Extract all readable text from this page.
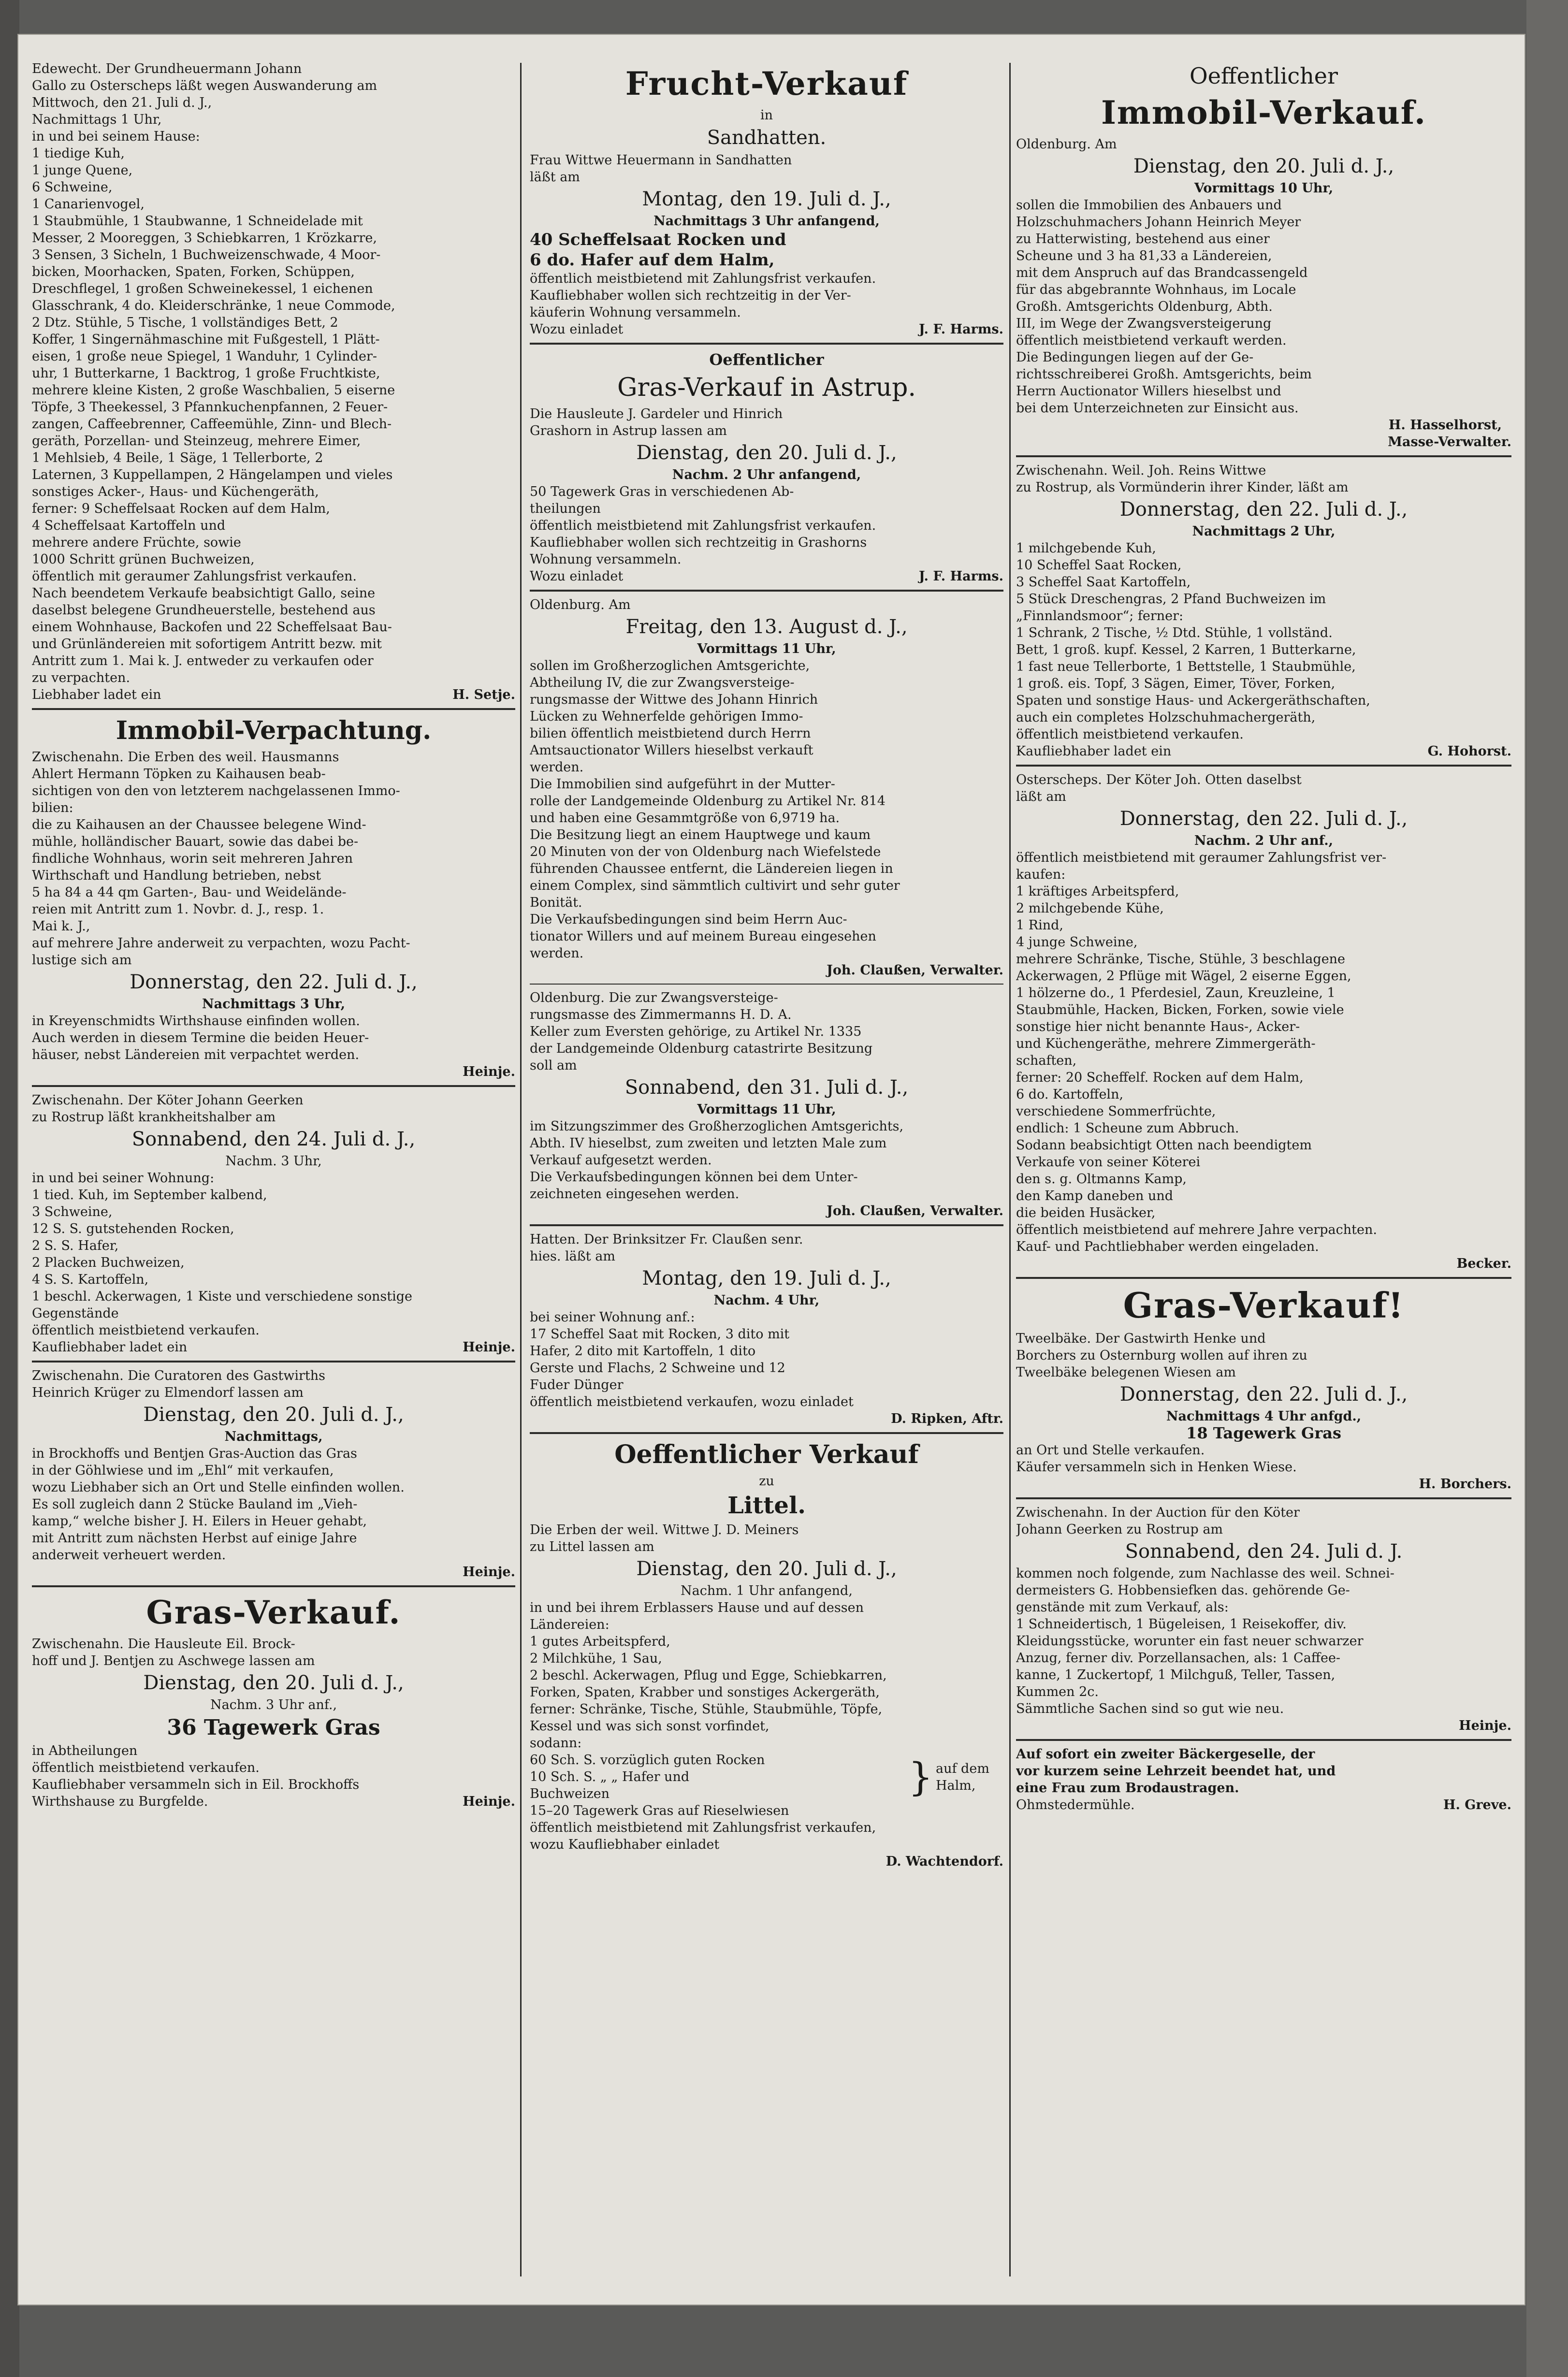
Edewecht. Der Grundheuermann Johann
Gallo zu Osterscheps läßt wegen Auswanderung am
Mittwoch, den 21. Juli d. J.,
Nachmittags 1 Uhr,
in und bei seinem Hause:
1 tiedige Kuh,
1 junge Quene,
6 Schweine,
1 Canarienvogel,
1 Staubmühle, 1 Staubwanne, 1 Schneidelade mit
Messer, 2 Mooreggen, 3 Schiebkarren, 1 Krözkarre,
3 Sensen, 3 Sicheln, 1 Buchweizenschwade, 4 Moor-
bicken, Moorhacken, Spaten, Forken, Schüppen,
Dreschflegel, 1 großen Schweinekessel, 1 eichenen
Glasschrank, 4 do. Kleiderschränke, 1 neue Commode,
2 Dtz. Stühle, 5 Tische, 1 vollständiges Bett, 2
Koffer, 1 Singernähmaschine mit Fußgestell, 1 Plätt-
eisen, 1 große neue Spiegel, 1 Wanduhr, 1 Cylinder-
uhr, 1 Butterkarne, 1 Backtrog, 1 große Fruchtkiste,
mehrere kleine Kisten, 2 große Waschbalien, 5 eiserne
Töpfe, 3 Theekessel, 3 Pfannkuchenpfannen, 2 Feuer-
zangen, Caffeebrenner, Caffeemühle, Zinn- und Blech-
geräth, Porzellan- und Steinzeug, mehrere Eimer,
1 Mehlsieb, 4 Beile, 1 Säge, 1 Tellerborte, 2
Laternen, 3 Kuppellampen, 2 Hängelampen und vieles
sonstiges Acker-, Haus- und Küchengeräth,
ferner: 9 Scheffelsaat Rocken auf dem Halm,
4 Scheffelsaat Kartoffeln und
mehrere andere Früchte, sowie
1000 Schritt grünen Buchweizen,
öffentlich mit geraumer Zahlungsfrist verkaufen.
Nach beendetem Verkaufe beabsichtigt Gallo, seine
daselbst belegene Grundheuerstelle, bestehend aus
einem Wohnhause, Backofen und 22 Scheffelsaat Bau-
und Grünländereien mit sofortigem Antritt bezw. mit
Antritt zum 1. Mai k. J. entweder zu verkaufen oder
zu verpachten.
Liebhaber ladet ein	H. Setje.
Immobil-Verpachtung.
Zwischenahn. Die Erben des weil. Hausmanns
Ahlert Hermann Töpken zu Kaihausen beab-
sichtigen von den von letzterem nachgelassenen Immo-
bilien:
die zu Kaihausen an der Chaussee belegene Wind-
mühle, holländischer Bauart, sowie das dabei be-
findliche Wohnhaus, worin seit mehreren Jahren
Wirthschaft und Handlung betrieben, nebst
5 ha 84 a 44 qm Garten-, Bau- und Weidelände-
reien mit Antritt zum 1. Novbr. d. J., resp. 1.
Mai k. J.,
auf mehrere Jahre anderweit zu verpachten, wozu Pacht-
lustige sich am
Donnerstag, den 22. Juli d. J.,
Nachmittags 3 Uhr,
in Kreyenschmidts Wirthshause einfinden wollen.
Auch werden in diesem Termine die beiden Heuer-
häuser, nebst Ländereien mit verpachtet werden.
Heinje.
Zwischenahn. Der Köter Johann Geerken
zu Rostrup läßt krankheitshalber am
Sonnabend, den 24. Juli d. J.,
Nachm. 3 Uhr,
in und bei seiner Wohnung:
1 tied. Kuh, im September kalbend,
3 Schweine,
12 S. S. gutstehenden Rocken,
2 S. S. Hafer,
2 Placken Buchweizen,
4 S. S. Kartoffeln,
1 beschl. Ackerwagen, 1 Kiste und verschiedene sonstige
Gegenstände
öffentlich meistbietend verkaufen.
Kaufliebhaber ladet ein	Heinje.
Zwischenahn. Die Curatoren des Gastwirths
Heinrich Krüger zu Elmendorf lassen am
Dienstag, den 20. Juli d. J.,
Nachmittags,
in Brockhoffs und Bentjen Gras-Auction das Gras
in der Göhlwiese und im „Ehl“ mit verkaufen,
wozu Liebhaber sich an Ort und Stelle einfinden wollen.
Es soll zugleich dann 2 Stücke Bauland im „Vieh-
kamp,“ welche bisher J. H. Eilers in Heuer gehabt,
mit Antritt zum nächsten Herbst auf einige Jahre
anderweit verheuert werden.
Heinje.
Gras-Verkauf.
Zwischenahn. Die Hausleute Eil. Brock-
hoff und J. Bentjen zu Aschwege lassen am
Dienstag, den 20. Juli d. J.,
Nachm. 3 Uhr anf.,
36 Tagewerk Gras
in Abtheilungen
öffentlich meistbietend verkaufen.
Kaufliebhaber versammeln sich in Eil. Brockhoffs
Wirthshause zu Burgfelde.	Heinje.
Frucht-Verkauf
in
Sandhatten.
Frau Wittwe Heuermann in Sandhatten
läßt am
Montag, den 19. Juli d. J.,
Nachmittags 3 Uhr anfangend,
40 Scheffelsaat Rocken und
6 do. Hafer auf dem Halm,
öffentlich meistbietend mit Zahlungsfrist verkaufen.
Kaufliebhaber wollen sich rechtzeitig in der Ver-
käuferin Wohnung versammeln.
Wozu einladet	J. F. Harms.
Oeffentlicher
Gras-Verkauf in Astrup.
Die Hausleute J. Gardeler und Hinrich
Grashorn in Astrup lassen am
Dienstag, den 20. Juli d. J.,
Nachm. 2 Uhr anfangend,
50 Tagewerk Gras in verschiedenen Ab-
theilungen
öffentlich meistbietend mit Zahlungsfrist verkaufen.
Kaufliebhaber wollen sich rechtzeitig in Grashorns
Wohnung versammeln.
Wozu einladet	J. F. Harms.
Oldenburg. Am
Freitag, den 13. August d. J.,
Vormittags 11 Uhr,
sollen im Großherzoglichen Amtsgerichte,
Abtheilung IV, die zur Zwangsversteige-
rungsmasse der Wittwe des Johann Hinrich
Lücken zu Wehnerfelde gehörigen Immo-
bilien öffentlich meistbietend durch Herrn
Amtsauctionator Willers hieselbst verkauft
werden.
Die Immobilien sind aufgeführt in der Mutter-
rolle der Landgemeinde Oldenburg zu Artikel Nr. 814
und haben eine Gesammtgröße von 6,9719 ha.
Die Besitzung liegt an einem Hauptwege und kaum
20 Minuten von der von Oldenburg nach Wiefelstede
führenden Chaussee entfernt, die Ländereien liegen in
einem Complex, sind sämmtlich cultivirt und sehr guter
Bonität.
Die Verkaufsbedingungen sind beim Herrn Auc-
tionator Willers und auf meinem Bureau eingesehen
werden.
Joh. Claußen, Verwalter.
Oldenburg. Die zur Zwangsversteige-
rungsmasse des Zimmermanns H. D. A.
Keller zum Eversten gehörige, zu Artikel Nr. 1335
der Landgemeinde Oldenburg catastrirte Besitzung
soll am
Sonnabend, den 31. Juli d. J.,
Vormittags 11 Uhr,
im Sitzungszimmer des Großherzoglichen Amtsgerichts,
Abth. IV hieselbst, zum zweiten und letzten Male zum
Verkauf aufgesetzt werden.
Die Verkaufsbedingungen können bei dem Unter-
zeichneten eingesehen werden.
Joh. Claußen, Verwalter.
Hatten. Der Brinksitzer Fr. Claußen senr.
hies. läßt am
Montag, den 19. Juli d. J.,
Nachm. 4 Uhr,
bei seiner Wohnung anf.:
17 Scheffel Saat mit Rocken, 3 dito mit
Hafer, 2 dito mit Kartoffeln, 1 dito
Gerste und Flachs, 2 Schweine und 12
Fuder Dünger
öffentlich meistbietend verkaufen, wozu einladet
D. Ripken, Aftr.
Oeffentlicher Verkauf
zu
Littel.
Die Erben der weil. Wittwe J. D. Meiners
zu Littel lassen am
Dienstag, den 20. Juli d. J.,
Nachm. 1 Uhr anfangend,
in und bei ihrem Erblassers Hause und auf dessen
Ländereien:
1 gutes Arbeitspferd,
2 Milchkühe, 1 Sau,
2 beschl. Ackerwagen, Pflug und Egge, Schiebkarren,
Forken, Spaten, Krabber und sonstiges Ackergeräth,
ferner: Schränke, Tische, Stühle, Staubmühle, Töpfe,
Kessel und was sich sonst vorfindet,
sodann:
60 Sch. S. vorzüglich guten Rocken
10 Sch. S. „ „ Hafer und
Buchweizen	} auf dem Halm,
15–20 Tagewerk Gras auf Rieselwiesen
öffentlich meistbietend mit Zahlungsfrist verkaufen,
wozu Kaufliebhaber einladet
D. Wachtendorf.
Oeffentlicher
Immobil-Verkauf.
Oldenburg. Am
Dienstag, den 20. Juli d. J.,
Vormittags 10 Uhr,
sollen die Immobilien des Anbauers und
Holzschuhmachers Johann Heinrich Meyer
zu Hatterwisting, bestehend aus einer
Scheune und 3 ha 81,33 a Ländereien,
mit dem Anspruch auf das Brandcassengeld
für das abgebrannte Wohnhaus, im Locale
Großh. Amtsgerichts Oldenburg, Abth.
III, im Wege der Zwangsversteigerung
öffentlich meistbietend verkauft werden.
Die Bedingungen liegen auf der Ge-
richtsschreiberei Großh. Amtsgerichts, beim
Herrn Auctionator Willers hieselbst und
bei dem Unterzeichneten zur Einsicht aus.
H. Hasselhorst,
Masse-Verwalter.
Zwischenahn. Weil. Joh. Reins Wittwe
zu Rostrup, als Vormünderin ihrer Kinder, läßt am
Donnerstag, den 22. Juli d. J.,
Nachmittags 2 Uhr,
1 milchgebende Kuh,
10 Scheffel Saat Rocken,
3 Scheffel Saat Kartoffeln,
5 Stück Dreschengras, 2 Pfand Buchweizen im
„Finnlandsmoor“; ferner:
1 Schrank, 2 Tische, ½ Dtd. Stühle, 1 vollständ.
Bett, 1 groß. kupf. Kessel, 2 Karren, 1 Butterkarne,
1 fast neue Tellerborte, 1 Bettstelle, 1 Staubmühle,
1 groß. eis. Topf, 3 Sägen, Eimer, Töver, Forken,
Spaten und sonstige Haus- und Ackergeräthschaften,
auch ein completes Holzschuhmachergeräth,
öffentlich meistbietend verkaufen.
Kaufliebhaber ladet ein	G. Hohorst.
Osterscheps. Der Köter Joh. Otten daselbst
läßt am
Donnerstag, den 22. Juli d. J.,
Nachm. 2 Uhr anf.,
öffentlich meistbietend mit geraumer Zahlungsfrist ver-
kaufen:
1 kräftiges Arbeitspferd,
2 milchgebende Kühe,
1 Rind,
4 junge Schweine,
mehrere Schränke, Tische, Stühle, 3 beschlagene
Ackerwagen, 2 Pflüge mit Wägel, 2 eiserne Eggen,
1 hölzerne do., 1 Pferdesiel, Zaun, Kreuzleine, 1
Staubmühle, Hacken, Bicken, Forken, sowie viele
sonstige hier nicht benannte Haus-, Acker-
und Küchengeräthe, mehrere Zimmergeräth-
schaften,
ferner: 20 Scheffelf. Rocken auf dem Halm,
6 do. Kartoffeln,
verschiedene Sommerfrüchte,
endlich: 1 Scheune zum Abbruch.
Sodann beabsichtigt Otten nach beendigtem
Verkaufe von seiner Köterei
den s. g. Oltmanns Kamp,
den Kamp daneben und
die beiden Husäcker,
öffentlich meistbietend auf mehrere Jahre verpachten.
Kauf- und Pachtliebhaber werden eingeladen.
Becker.
Gras-Verkauf!
Tweelbäke. Der Gastwirth Henke und
Borchers zu Osternburg wollen auf ihren zu
Tweelbäke belegenen Wiesen am
Donnerstag, den 22. Juli d. J.,
Nachmittags 4 Uhr anfgd.,
18 Tagewerk Gras
an Ort und Stelle verkaufen.
Käufer versammeln sich in Henken Wiese.
H. Borchers.
Zwischenahn. In der Auction für den Köter
Johann Geerken zu Rostrup am
Sonnabend, den 24. Juli d. J.
kommen noch folgende, zum Nachlasse des weil. Schnei-
dermeisters G. Hobbensiefken das. gehörende Ge-
genstände mit zum Verkauf, als:
1 Schneidertisch, 1 Bügeleisen, 1 Reisekoffer, div.
Kleidungsstücke, worunter ein fast neuer schwarzer
Anzug, ferner div. Porzellansachen, als: 1 Caffee-
kanne, 1 Zuckertopf, 1 Milchguß, Teller, Tassen,
Kummen 2c.
Sämmtliche Sachen sind so gut wie neu.
Heinje.
Auf sofort ein zweiter Bäckergeselle, der
vor kurzem seine Lehrzeit beendet hat, und
eine Frau zum Brodaustragen.
Ohmstedermühle.	H. Greve.
